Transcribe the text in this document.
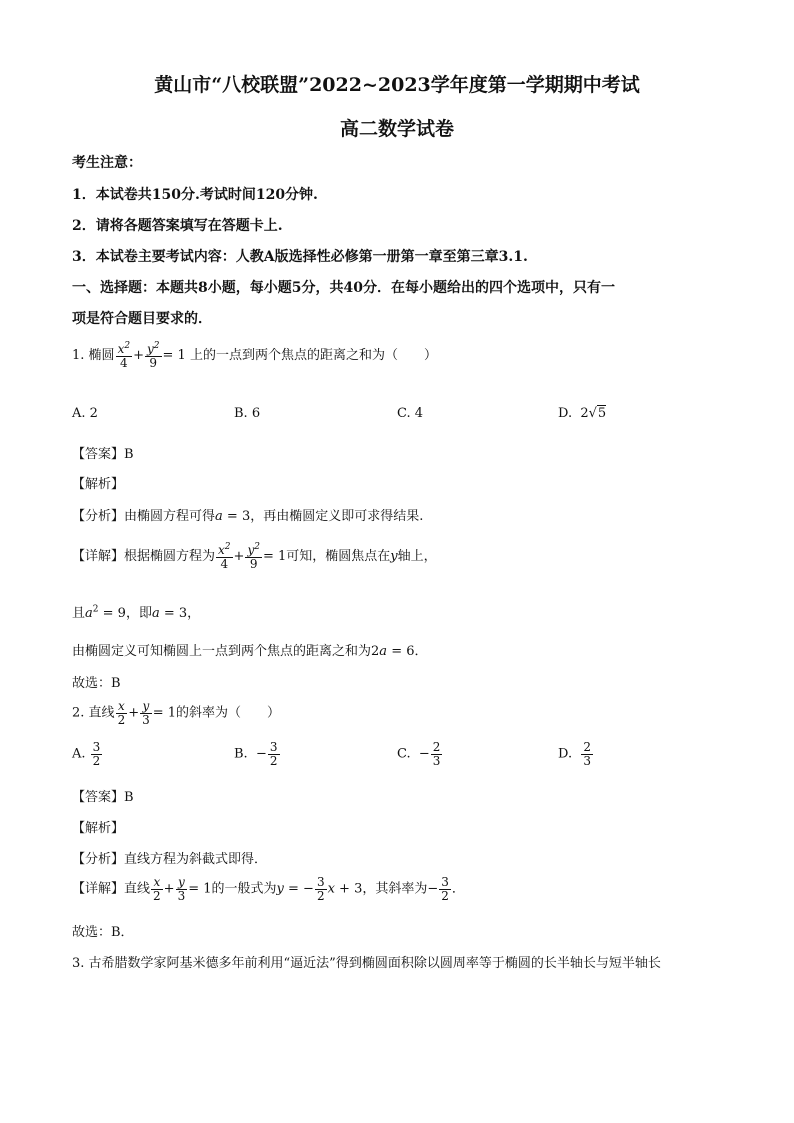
黄山市“八校联盟”2022~2023学年度第一学期期中考试
高二数学试卷
考生注意：
1．本试卷共150分.考试时间120分钟.
2．请将各题答案填写在答题卡上.
3．本试卷主要考试内容：人教A版选择性必修第一册第一章至第三章3.1.
一、选择题：本题共8小题，每小题5分，共40分．在每小题给出的四个选项中，只有一
项是符合题目要求的．
1. 椭圆 $\frac{x^2}{4} + \frac{y^2}{9} = 1$ 上的一点到两个焦点的距离之和为（　　）
A. 2	B. 6	C. 4	D.  2√5
【答案】B
【解析】
【分析】由椭圆方程可得a = 3，再由椭圆定义即可求得结果.
【详解】根据椭圆方程为 $\frac{x^2}{4} + \frac{y^2}{9} = 1$可知，椭圆焦点在y轴上，
且$a^2 = 9$，即a = 3，
由椭圆定义可知椭圆上一点到两个焦点的距离之和为2a = 6．
故选：B
2. 直线 $\frac{x}{2} + \frac{y}{3} = 1$的斜率为（　　）
A. $\frac{3}{2}$	B.  − $\frac{3}{2}$	C.  − $\frac{2}{3}$	D. $\frac{2}{3}$
【答案】B
【解析】
【分析】直线方程为斜截式即得．
【详解】直线 $\frac{x}{2} + \frac{y}{3} = 1$的一般式为y = − $\frac{3}{2}$ x + 3，其斜率为− $\frac{3}{2}$ ．
故选：B．
3. 古希腊数学家阿基米德多年前利用“逼近法”得到椭圆面积除以圆周率等于椭圆的长半轴长与短半轴长
